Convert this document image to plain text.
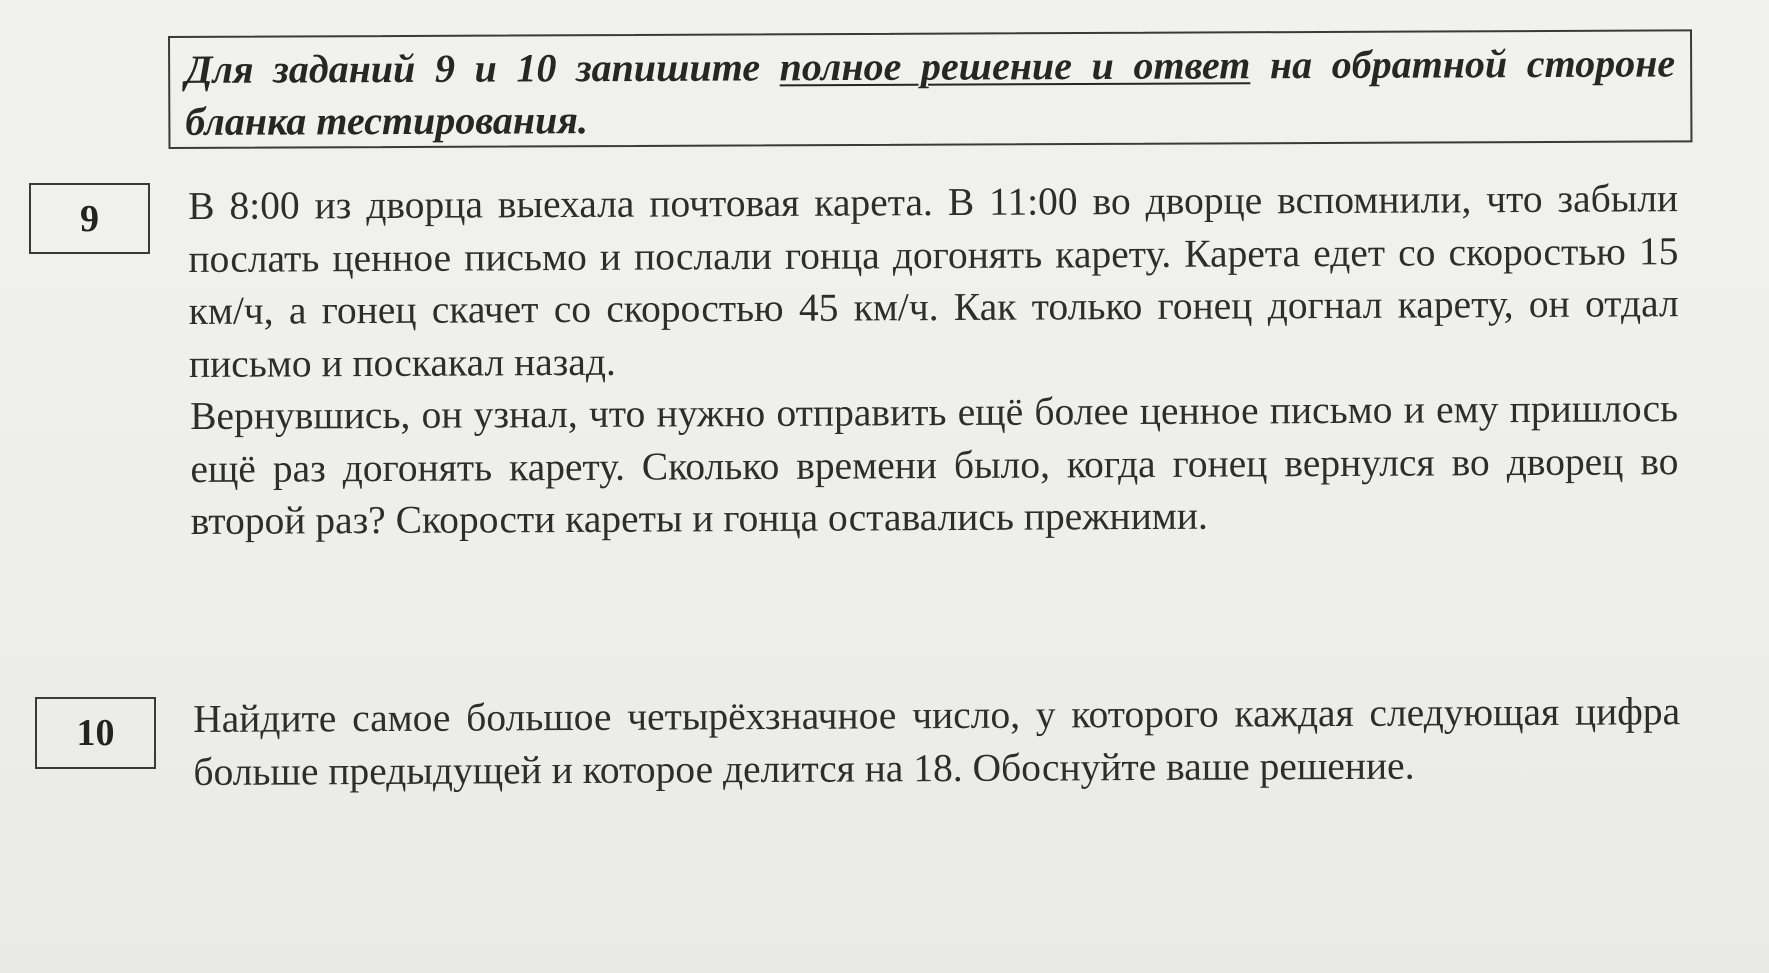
Для заданий 9 и 10 запишите полное решение и ответ на обратной стороне бланка тестирования.
9	В 8:00 из дворца выехала почтовая карета. В 11:00 во дворце вспомнили, что забыли послать ценное письмо и послали гонца догонять карету. Карета едет со скоростью 15 км/ч, а гонец скачет со скоростью 45 км/ч. Как только гонец догнал карету, он отдал письмо и поскакал назад.

Вернувшись, он узнал, что нужно отправить ещё более ценное письмо и ему пришлось ещё раз догонять карету. Сколько времени было, когда гонец вернулся во дворец во второй раз? Скорости кареты и гонца оставались прежними.

10	Найдите самое большое четырёхзначное число, у которого каждая следующая цифра больше предыдущей и которое делится на 18. Обоснуйте ваше решение.
